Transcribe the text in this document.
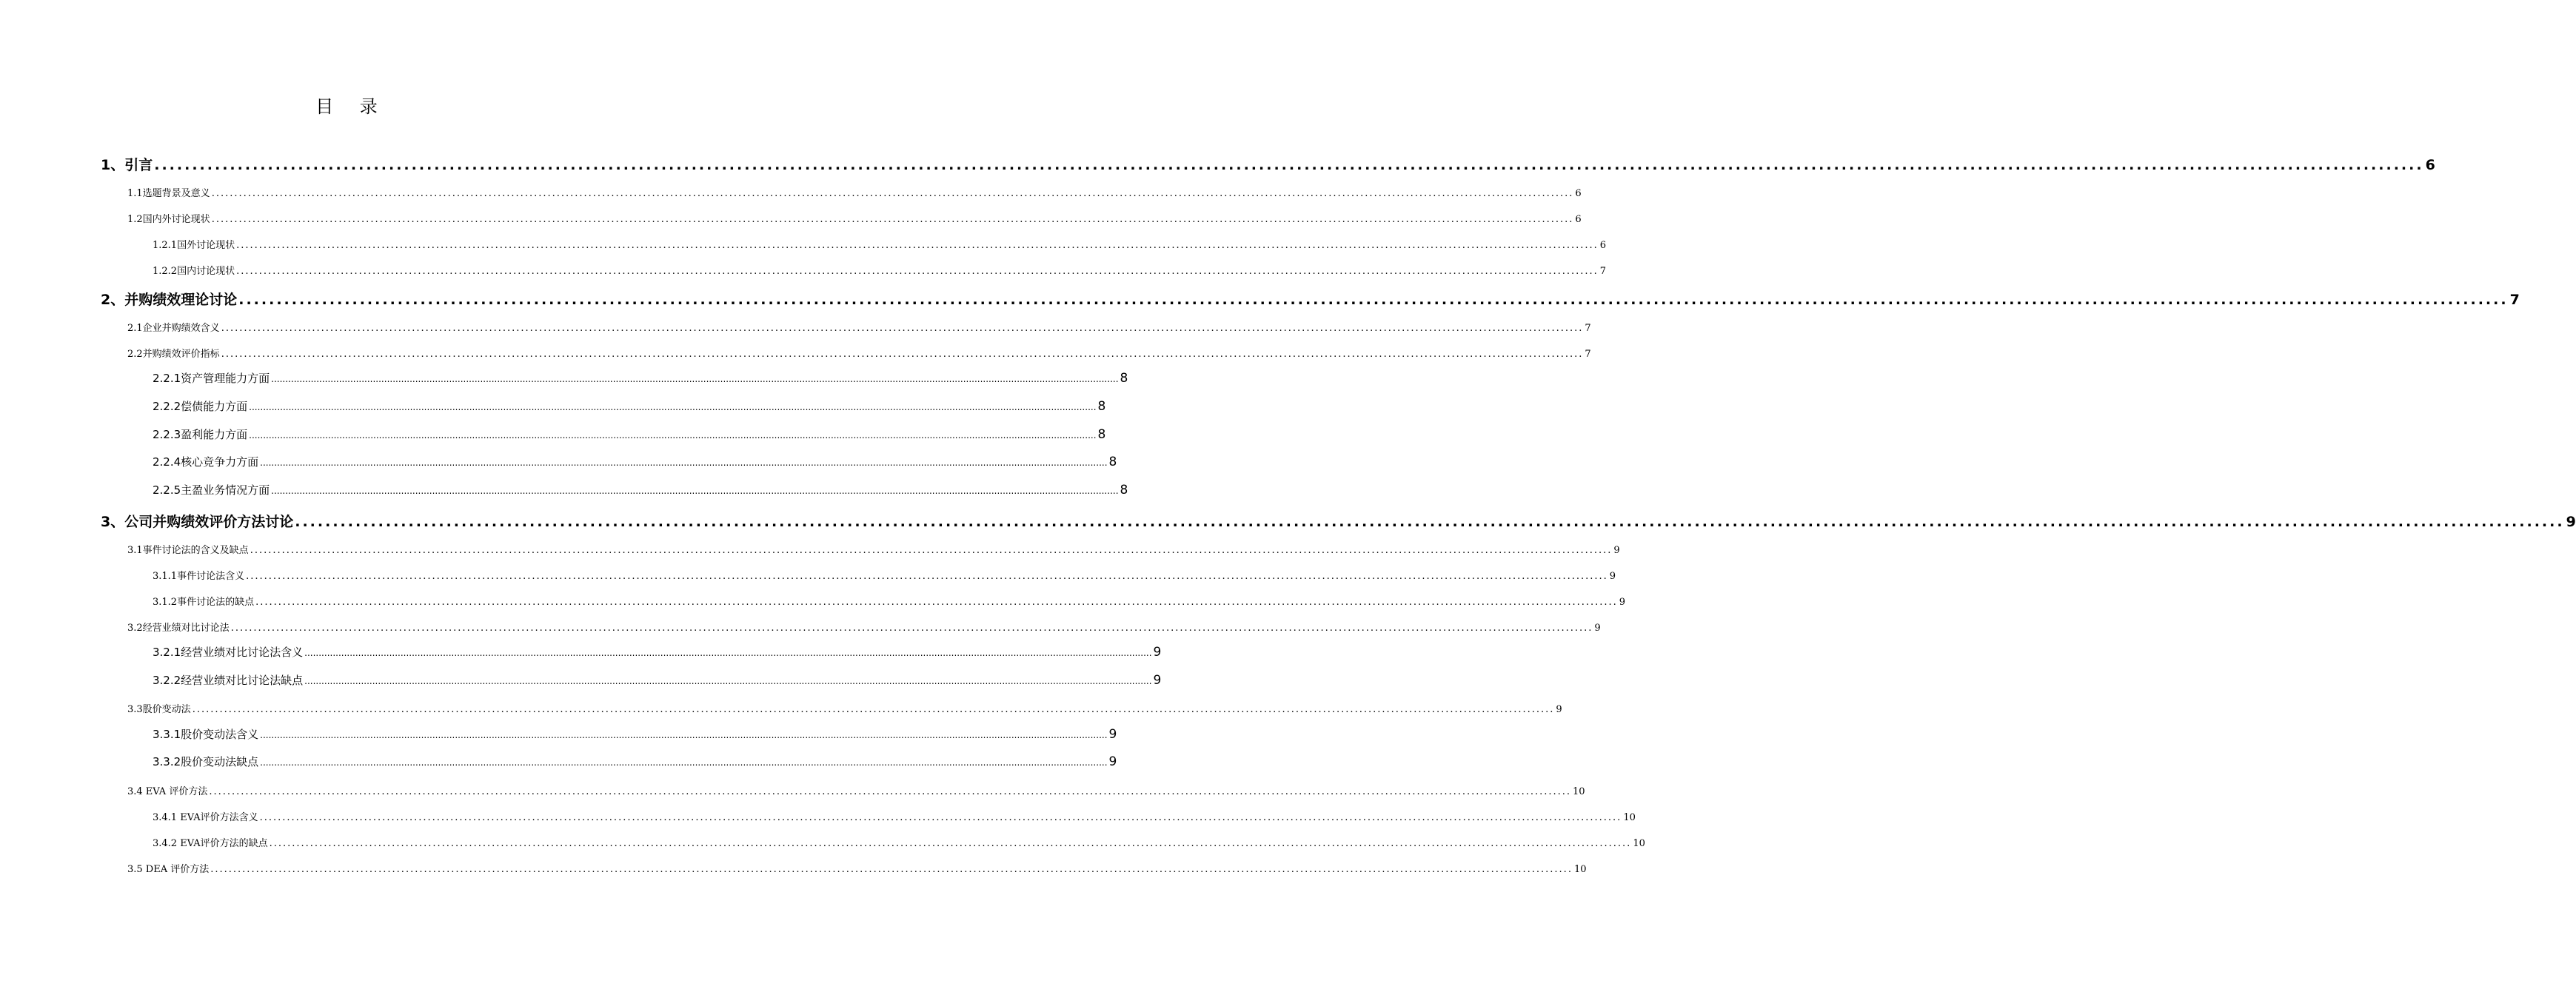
目 录
1、引言 ............................................................................................................................................................................................................................................................................................................ 6
1.1选题背景及意义 ............................................................................................................................................................................................................................................................................................................ 6
1.2国内外讨论现状 ............................................................................................................................................................................................................................................................................................................ 6
1.2.1国外讨论现状 ............................................................................................................................................................................................................................................................................................................ 6
1.2.2国内讨论现状 ............................................................................................................................................................................................................................................................................................................ 7
2、并购绩效理论讨论 ............................................................................................................................................................................................................................................................................................................ 7
2.1企业并购绩效含义 ............................................................................................................................................................................................................................................................................................................ 7
2.2并购绩效评价指标 ............................................................................................................................................................................................................................................................................................................ 7
2.2.1资产管理能力方面 ............................................................................................................................................................................................................................................................................................................ 8
2.2.2偿债能力方面 ............................................................................................................................................................................................................................................................................................................ 8
2.2.3盈利能力方面 ............................................................................................................................................................................................................................................................................................................ 8
2.2.4核心竞争力方面 ............................................................................................................................................................................................................................................................................................................ 8
2.2.5主盈业务情况方面 ............................................................................................................................................................................................................................................................................................................ 8
3、公司并购绩效评价方法讨论 ............................................................................................................................................................................................................................................................................................................ 9
3.1事件讨论法的含义及缺点 ............................................................................................................................................................................................................................................................................................................ 9
3.1.1事件讨论法含义 ............................................................................................................................................................................................................................................................................................................ 9
3.1.2事件讨论法的缺点 ............................................................................................................................................................................................................................................................................................................ 9
3.2经营业绩对比讨论法 ............................................................................................................................................................................................................................................................................................................ 9
3.2.1经营业绩对比讨论法含义 ............................................................................................................................................................................................................................................................................................................ 9
3.2.2经营业绩对比讨论法缺点 ............................................................................................................................................................................................................................................................................................................ 9
3.3股价变动法 ............................................................................................................................................................................................................................................................................................................ 9
3.3.1股价变动法含义 ............................................................................................................................................................................................................................................................................................................ 9
3.3.2股价变动法缺点 ............................................................................................................................................................................................................................................................................................................ 9
3.4 EVA 评价方法 ............................................................................................................................................................................................................................................................................................................ 10
3.4.1 EVA评价方法含义 ............................................................................................................................................................................................................................................................................................................ 10
3.4.2 EVA评价方法的缺点 ............................................................................................................................................................................................................................................................................................................ 10
3.5 DEA 评价方法 ............................................................................................................................................................................................................................................................................................................ 10
